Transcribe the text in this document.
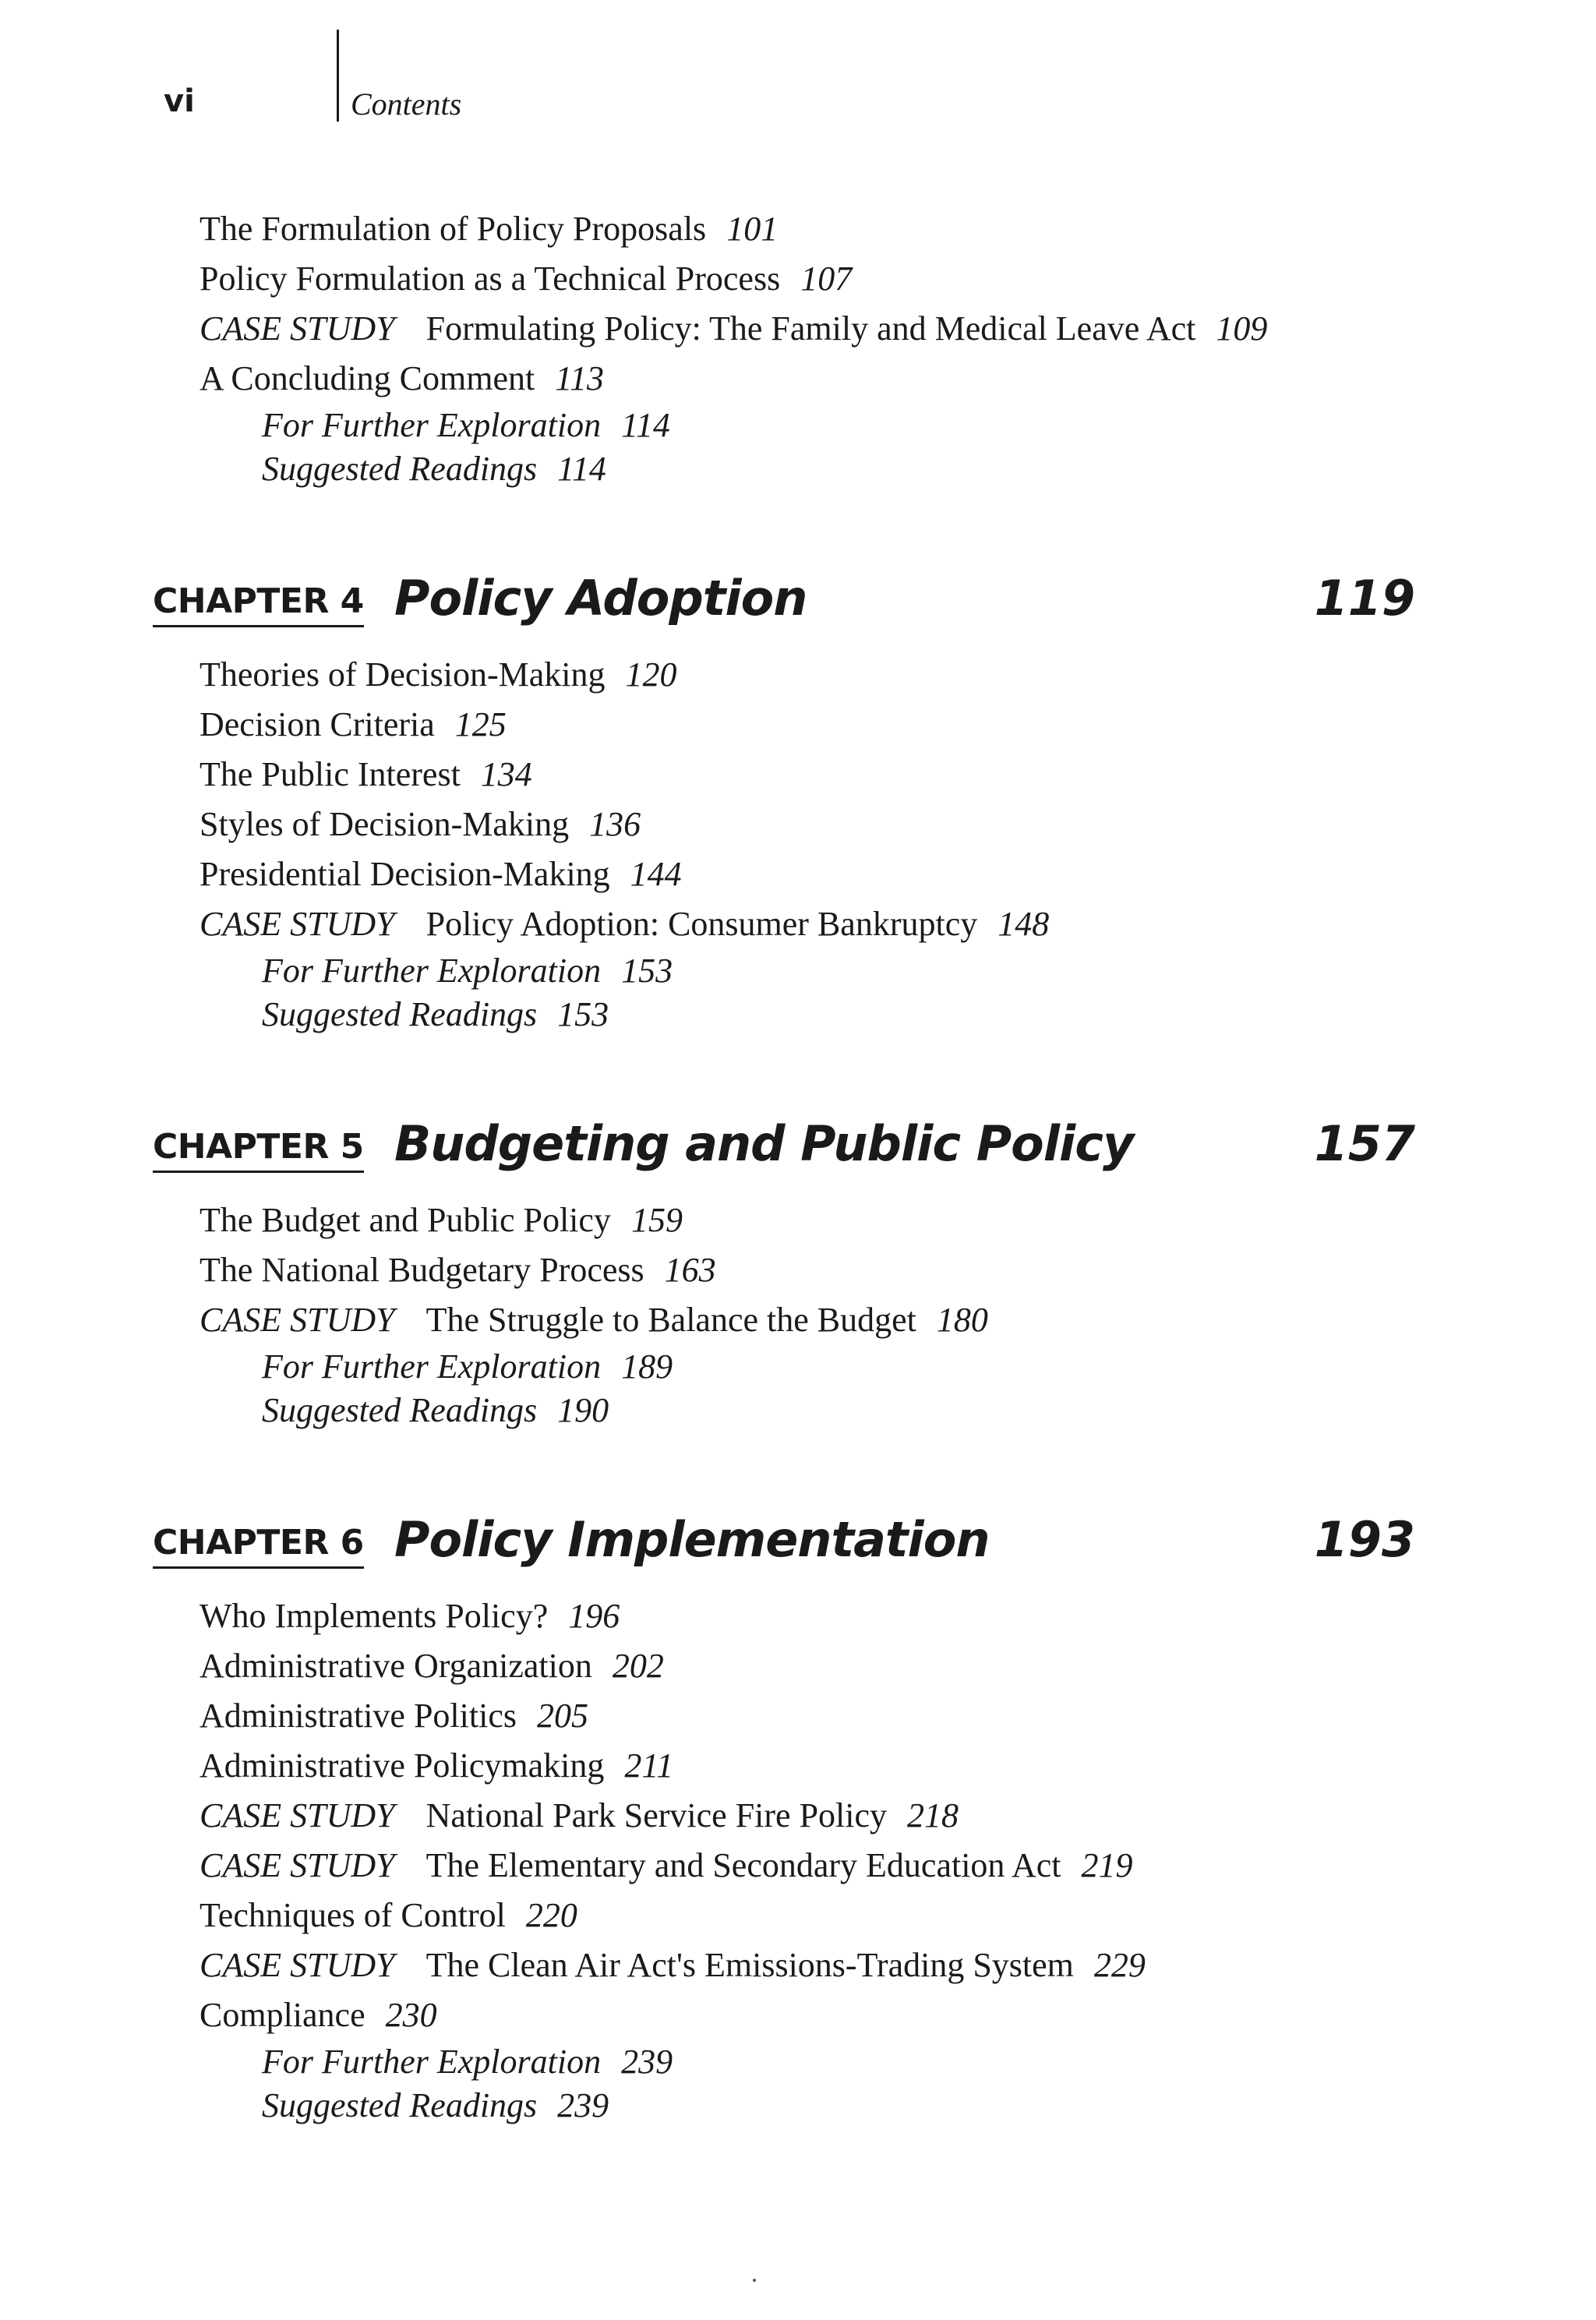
vi	Contents
The Formulation of Policy Proposals 101
Policy Formulation as a Technical Process 107
CASE STUDY Formulating Policy: The Family and Medical Leave Act 109
A Concluding Comment 113
For Further Exploration 114
Suggested Readings 114
CHAPTER 4 Policy Adoption	119
Theories of Decision-Making 120
Decision Criteria 125
The Public Interest 134
Styles of Decision-Making 136
Presidential Decision-Making 144
CASE STUDY Policy Adoption: Consumer Bankruptcy 148
For Further Exploration 153
Suggested Readings 153
CHAPTER 5 Budgeting and Public Policy	157
The Budget and Public Policy 159
The National Budgetary Process 163
CASE STUDY The Struggle to Balance the Budget 180
For Further Exploration 189
Suggested Readings 190
CHAPTER 6 Policy Implementation	193
Who Implements Policy? 196
Administrative Organization 202
Administrative Politics 205
Administrative Policymaking 211
CASE STUDY National Park Service Fire Policy 218
CASE STUDY The Elementary and Secondary Education Act 219
Techniques of Control 220
CASE STUDY The Clean Air Act's Emissions-Trading System 229
Compliance 230
For Further Exploration 239
Suggested Readings 239
